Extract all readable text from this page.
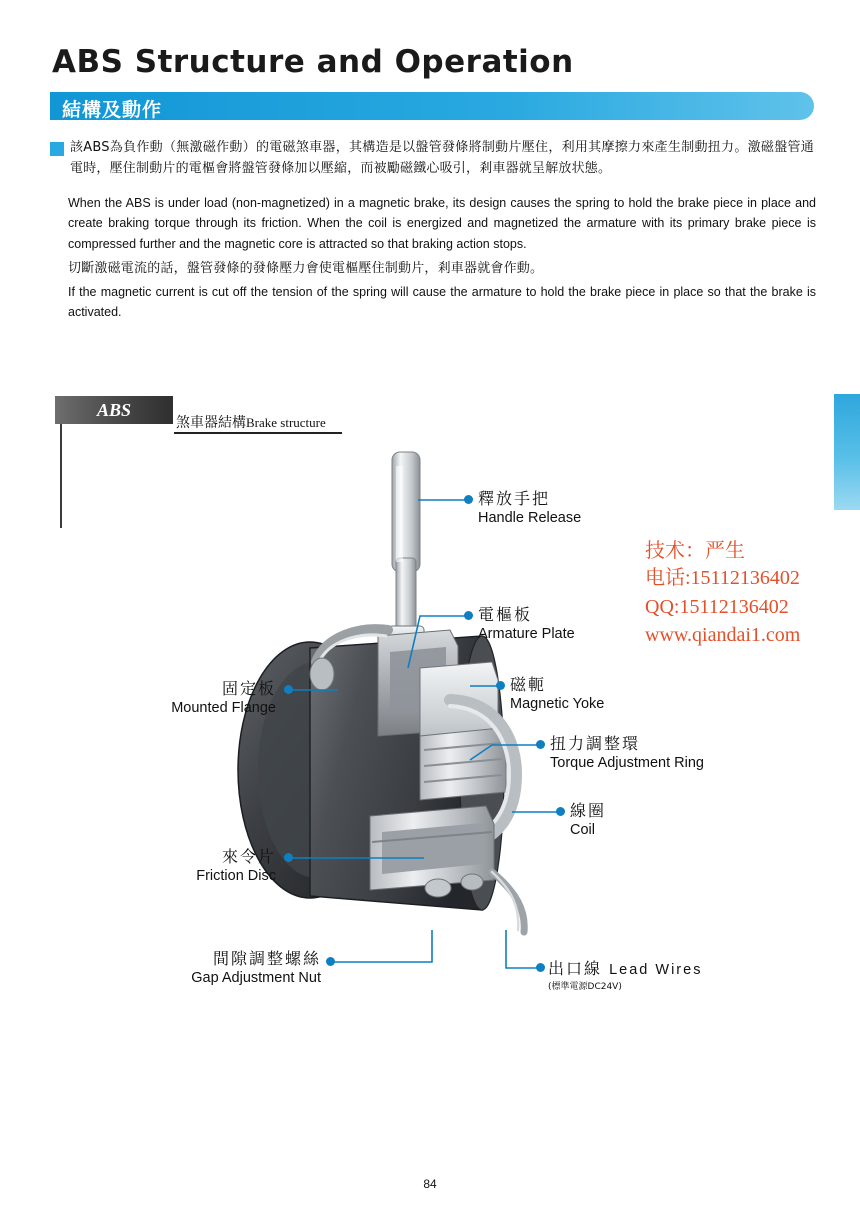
ABS Structure and Operation
結構及動作
該ABS為負作動（無激磁作動）的電磁煞車器，其構造是以盤管發條將制動片壓住，利用其摩擦力來產生制動扭力。激磁盤管通電時，壓住制動片的電樞會將盤管發條加以壓縮，而被勵磁鐵心吸引，剎車器就呈解放状態。
When the ABS is under load (non-magnetized) in a magnetic brake, its design causes the spring to hold the brake piece in place and create braking torque through its friction. When the coil is energized and magnetized the armature with its primary brake piece is compressed further and the magnetic core is attracted so that braking action stops.
切斷激磁電流的話，盤管發條的發條壓力會使電樞壓住制動片，剎車器就會作動。
If the magnetic current is cut off the tension of the spring will cause the armature to hold the brake piece in place so that the brake is activated.
ABS
煞車器結構Brake structure
技术：严生
电话:15112136402
QQ:15112136402
www.qiandai1.com
釋放手把
Handle Release
電樞板
Armature Plate
磁軛
Magnetic Yoke
扭力調整環
Torque Adjustment Ring
線圈
Coil
固定板
Mounted Flange
來令片
Friction Disc
間隙調整螺絲
Gap Adjustment Nut	出口線 Lead Wires
(標準電源DC24V)
84
